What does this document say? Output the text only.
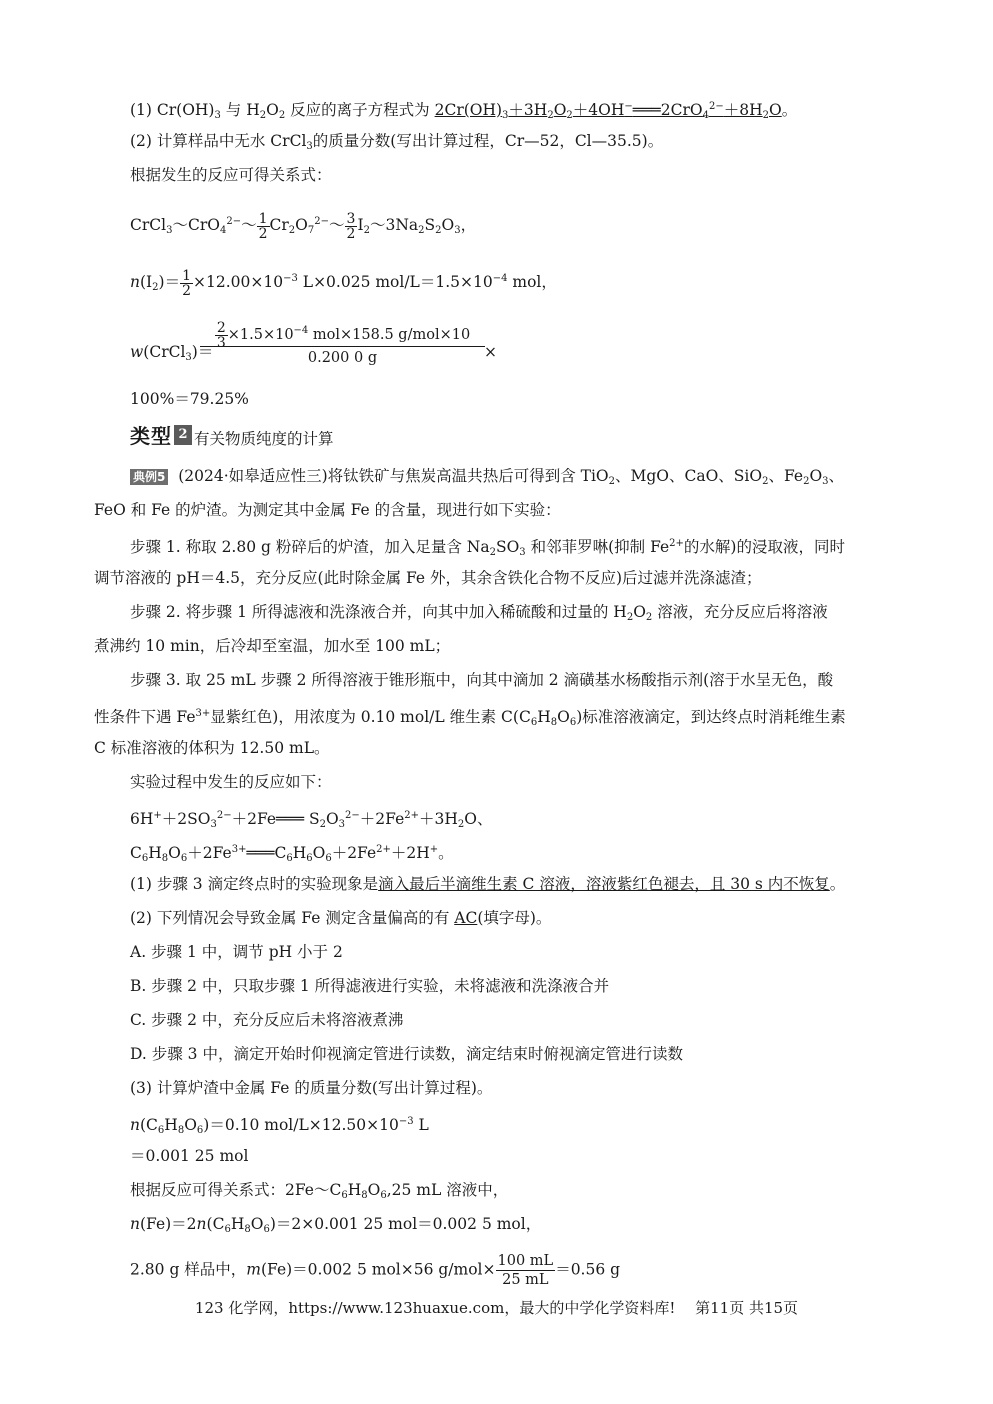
(1) $Cr(OH)_3$ 与 $H_2O_2$ 反应的离子方程式为 $2Cr(OH)_3+3H_2O_2+4OH^-═══2CrO_4^{2-}+8H_2O$。
(2) 计算样品中无水 CrCl$_3$的质量分数(写出计算过程，Cr—52，Cl—35.5)。
根据发生的反应可得关系式：
CrCl$_3$～CrO$_4^{2-}$～ $\frac{1}{2}$ $Cr_2O_7^{2-}\sim \frac{3}{2}$ $I_2\sim 3Na_2S_2O_3$，
$n(I_2)= \frac{1}{2} \times 12.00\times 10^{-3}$ L×0.025 mol/$L=1.5\times 10^{-4}$ mol，
w(CrCl$_3$)＝
$\frac{2}{3} \times 1.5\times 10^{-4}$ mol×158.5 g/mol×10
0.200 0 g	×
100%＝79.25%
类型 2 有关物质纯度的计算
典例5 (2024·如皋适应性三)将钛铁矿与焦炭高温共热后可得到含 TiO$_2$、MgO、CaO、SiO$_2$、$Fe_2O_3$、
FeO 和 Fe 的炉渣。为测定其中金属 Fe 的含量，现进行如下实验：
步骤 1. 称取 2.80 g 粉碎后的炉渣，加入足量含 $Na_2SO_3$ 和邻菲罗啉(抑制 $Fe^{2+}$的水解)的浸取液，同时
调节溶液的 pH＝4.5，充分反应(此时除金属 Fe 外，其余含铁化合物不反应)后过滤并洗涤滤渣；
步骤 2. 将步骤 1 所得滤液和洗涤液合并，向其中加入稀硫酸和过量的 $H_2O_2$ 溶液，充分反应后将溶液
煮沸约 10 min，后冷却至室温，加水至 100 mL；
步骤 3. 取 25 mL 步骤 2 所得溶液于锥形瓶中，向其中滴加 2 滴磺基水杨酸指示剂(溶于水呈无色，酸
性条件下遇 $Fe^{3+}$显紫红色)，用浓度为 0.10 mol/L 维生素 $C(C_6H_8O_6)$标准溶液滴定，到达终点时消耗维生素
C 标准溶液的体积为 12.50 mL。
实验过程中发生的反应如下：
$6H^++2SO_3^{2-}+2Fe═══$ $S_2O_3^{2-}+2Fe^{2+}+3H_2O$、
$C_6H_8O_6+2Fe^{3+}═══C_6H_6O_6+2Fe^{2+}+2H^+$。
(1) 步骤 3 滴定终点时的实验现象是滴入最后半滴维生素 C 溶液，溶液紫红色褪去，且 30 s 内不恢复。
(2) 下列情况会导致金属 Fe 测定含量偏高的有 AC(填字母)。
A. 步骤 1 中，调节 pH 小于 2
B. 步骤 2 中，只取步骤 1 所得滤液进行实验，未将滤液和洗涤液合并
C. 步骤 2 中，充分反应后未将溶液煮沸
D. 步骤 3 中，滴定开始时仰视滴定管进行读数，滴定结束时俯视滴定管进行读数
(3) 计算炉渣中金属 Fe 的质量分数(写出计算过程)。
$n(C_6H_8O_6)=0.10$ mol/$L\times 12.50\times 10^{-3}$ L
＝0.001 25 mol
根据反应可得关系式：$2Fe\sim C_6H_8O_6,25$ mL 溶液中，
$n(Fe)=2n(C_6H_8O_6)=2\times 0.001$ 25 mol＝0.002 5 mol，
2.80 g 样品中，m(Fe)＝0.002 5 mol×56 $g/mol\times \frac{100 mL}{25 mL} =0.56$ g
123 化学网，https://www.123huaxue.com，最大的中学化学资料库!　 第11页 共15页
